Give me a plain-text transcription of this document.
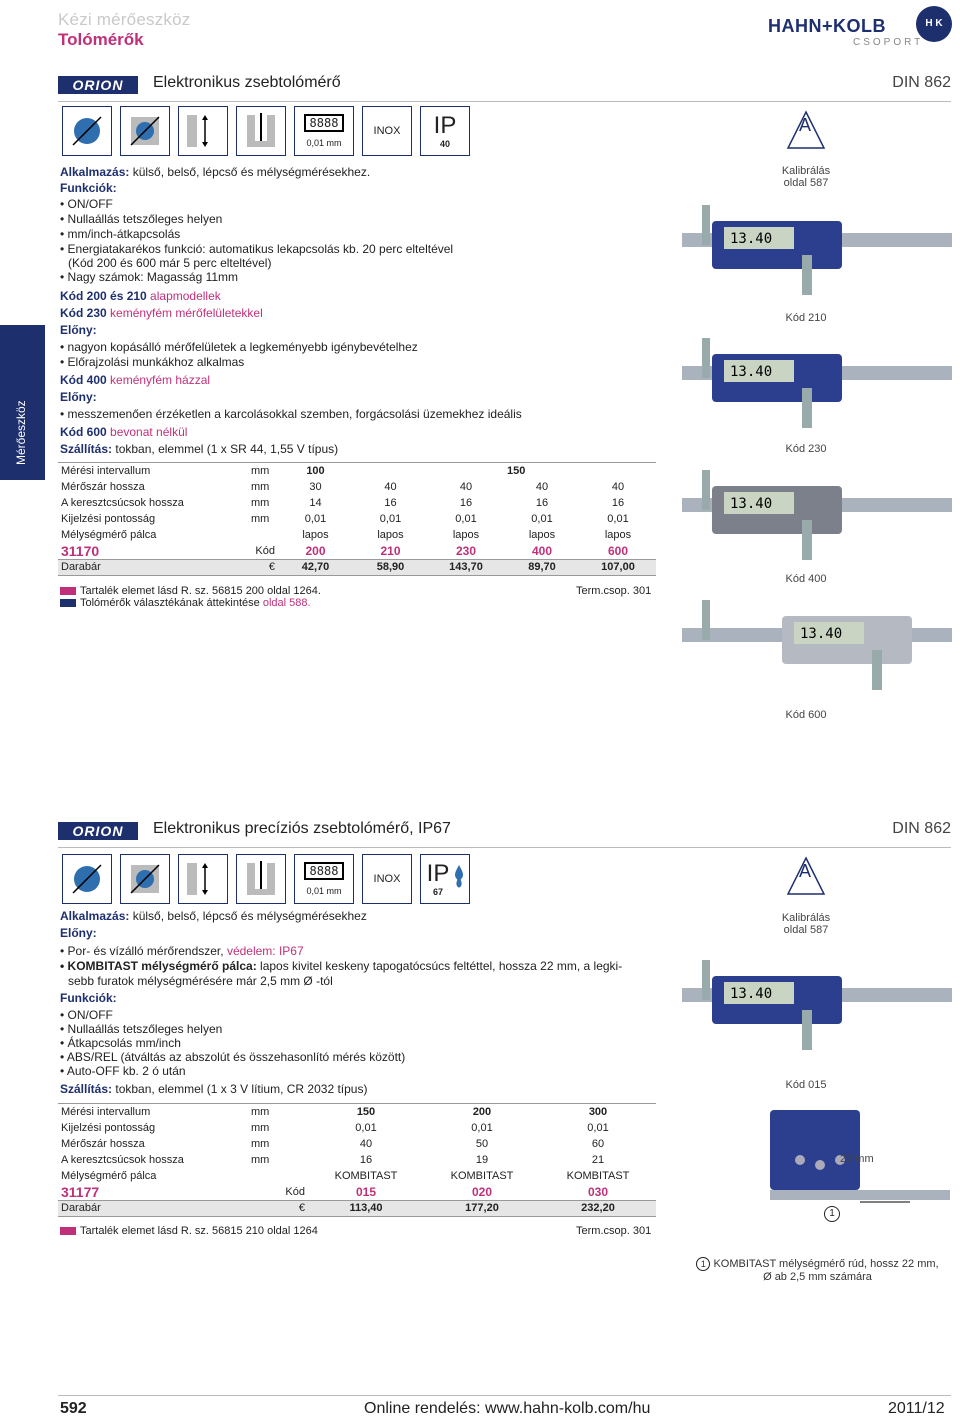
Kézi mérőeszköz
Tolómérők
HAHN+KOLB
CSOPORT
H K
Mérőeszköz
ORION	Elektronikus zsebtolómérő	DIN 862
8888
0,01 mm
INOX	IP
40
Alkalmazás: külső, belső, lépcső és mélységmérésekhez.
Funkciók:
• ON/OFF
• Nullaállás tetszőleges helyen
• mm/inch-átkapcsolás
• Energiatakarékos funkció: automatikus lekapcsolás kb. 20 perc elteltével
(Kód 200 és 600 már 5 perc elteltével)
• Nagy számok: Magasság 11mm
Kód 200 és 210 alapmodellek
Kód 230 keményfém mérőfelületekkel
Előny:
• nagyon kopásálló mérőfelületek a legkeményebb igénybevételhez
• Előrajzolási munkákhoz alkalmas
Kód 400 keményfém házzal
Előny:
• messzemenően érzéketlen a karcolásokkal szemben, forgácsolási üzemekhez ideális
Kód 600 bevonat nélkül
Szállítás: tokban, elemmel (1 x SR 44, 1,55 V típus)
Mérési intervallum	mm	100			150	
Mérőszár hossza	mm	30	40	40	40	40
A keresztcsúcsok hossza	mm	14	16	16	16	16
Kijelzési pontosság	mm	0,01	0,01	0,01	0,01	0,01
Mélységmérő pálca		lapos	lapos	lapos	lapos	lapos
31170	Kód	200	210	230	400	600
Darabár	€	42,70	58,90	143,70	89,70	107,00
Tartalék elemet lásd R. sz. 56815 200 oldal 1264.	Term.csop. 301
Tolómérők választékának áttekintése oldal 588.
A
Kalibrálás
oldal 587
13.40
Kód 210
13.40
Kód 230
13.40
Kód 400
13.40
Kód 600
ORION	Elektronikus precíziós zsebtolómérő, IP67	DIN 862
8888
0,01 mm
INOX	IP
67
Alkalmazás: külső, belső, lépcső és mélységmérésekhez
Előny:
• Por- és vízálló mérőrendszer, védelem: IP67
• KOMBITAST mélységmérő pálca: lapos kivitel keskeny tapogatócsúcs feltéttel, hossza 22 mm, a legki-
sebb furatok mélységmérésére már 2,5 mm Ø -tól
Funkciók:
• ON/OFF
• Nullaállás tetszőleges helyen
• Átkapcsolás mm/inch
• ABS/REL (átváltás az abszolút és összehasonlító mérés között)
• Auto-OFF kb. 2 ó után
Szállítás: tokban, elemmel (1 x 3 V lítium, CR 2032 típus)
Mérési intervallum	mm	150	200	300
Kijelzési pontosság	mm	0,01	0,01	0,01
Mérőszár hossza	mm	40	50	60
A keresztcsúcsok hossza	mm	16	19	21
Mélységmérő pálca		KOMBITAST	KOMBITAST	KOMBITAST
31177	Kód	015	020	030
Darabár	€	113,40	177,20	232,20
Tartalék elemet lásd R. sz. 56815 210 oldal 1264	Term.csop. 301
A
Kalibrálás
oldal 587
13.40
Kód 015
22 mm
1
1 KOMBITAST mélységmérő rúd, hossz 22 mm,
Ø ab 2,5 mm számára
592	Online rendelés: www.hahn-kolb.com/hu	2011/12
